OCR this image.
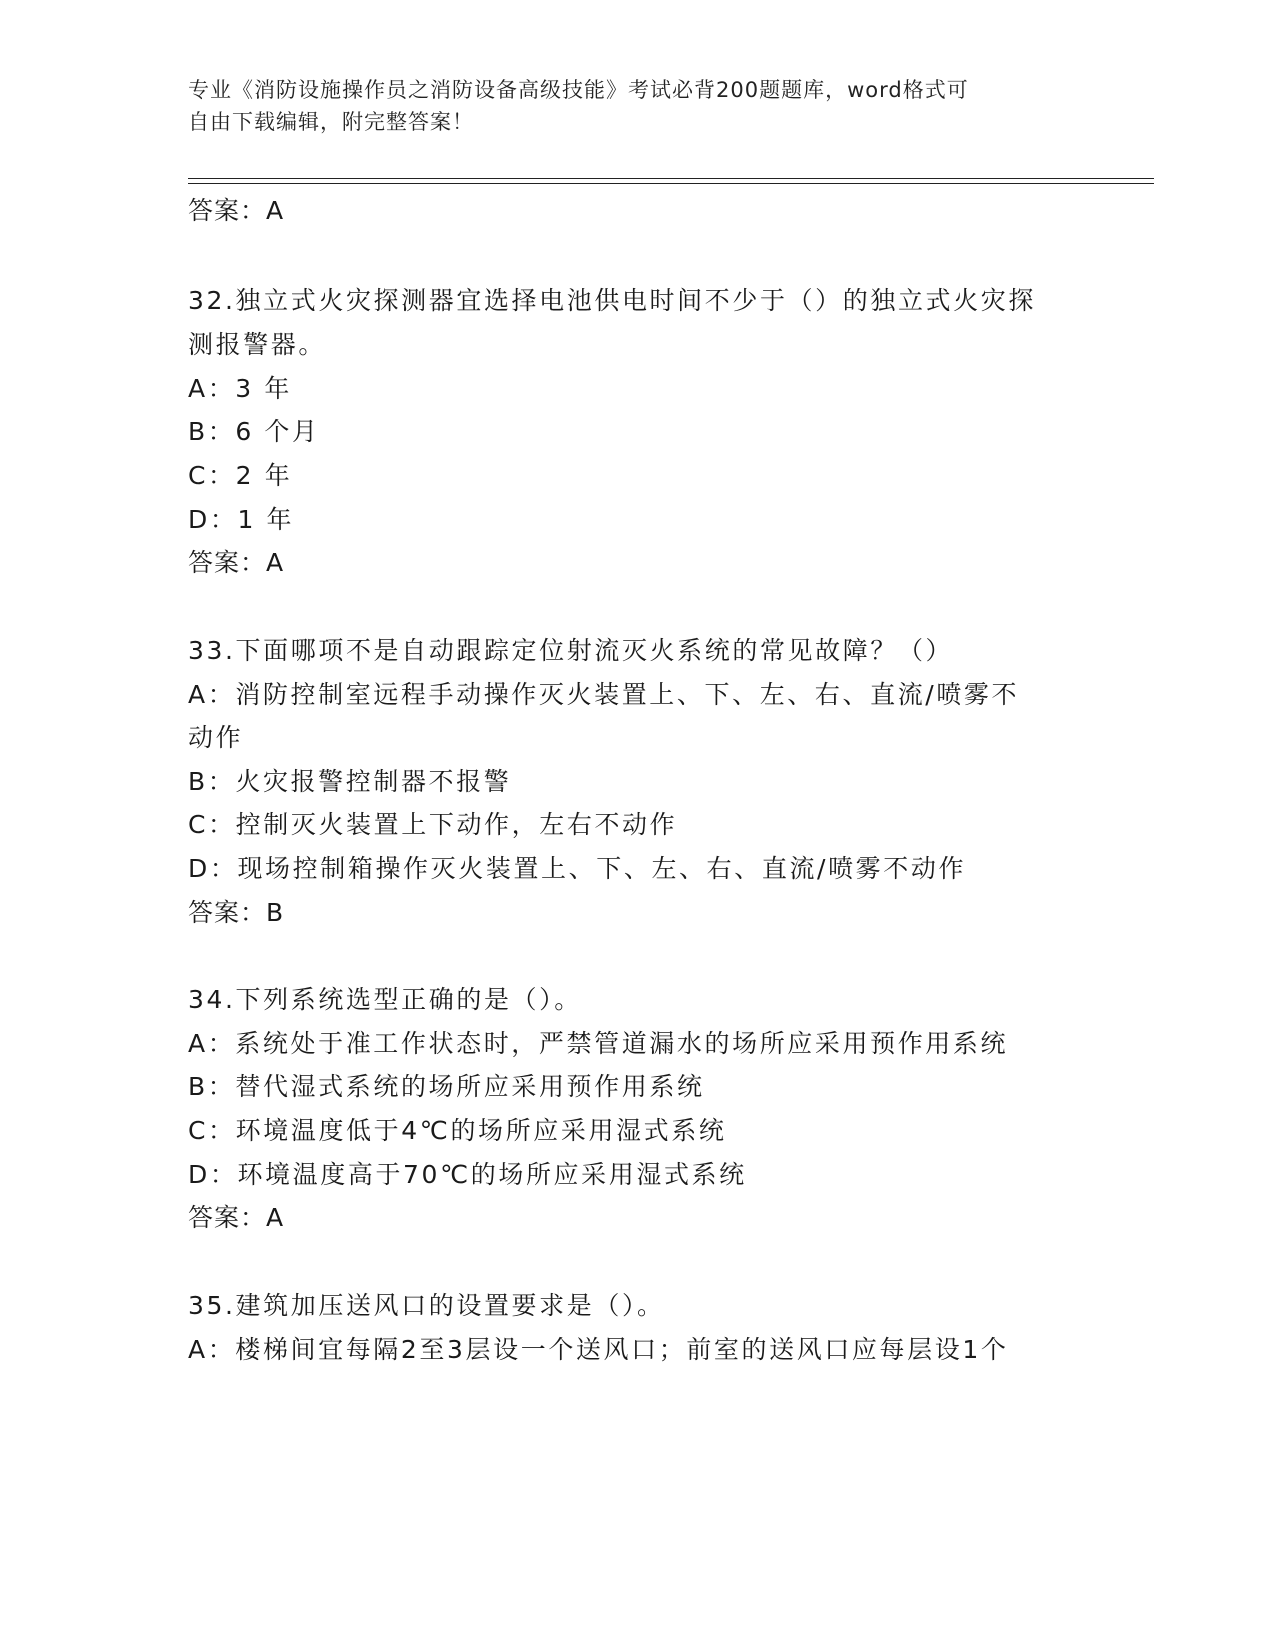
专业《消防设施操作员之消防设备高级技能》考试必背200题题库，word格式可
自由下载编辑，附完整答案！
答案：A
32.独立式火灾探测器宜选择电池供电时间不少于（）的独立式火灾探
测报警器。
A：3 年
B：6 个月
C：2 年
D：1 年
答案：A
33.下面哪项不是自动跟踪定位射流灭火系统的常见故障？（）
A：消防控制室远程手动操作灭火装置上、下、左、右、直流/喷雾不
动作
B：火灾报警控制器不报警
C：控制灭火装置上下动作，左右不动作
D：现场控制箱操作灭火装置上、下、左、右、直流/喷雾不动作
答案：B
34.下列系统选型正确的是（）。
A：系统处于准工作状态时，严禁管道漏水的场所应采用预作用系统
B：替代湿式系统的场所应采用预作用系统
C：环境温度低于4℃的场所应采用湿式系统
D：环境温度高于70℃的场所应采用湿式系统
答案：A
35.建筑加压送风口的设置要求是（）。
A：楼梯间宜每隔2至3层设一个送风口；前室的送风口应每层设1个
